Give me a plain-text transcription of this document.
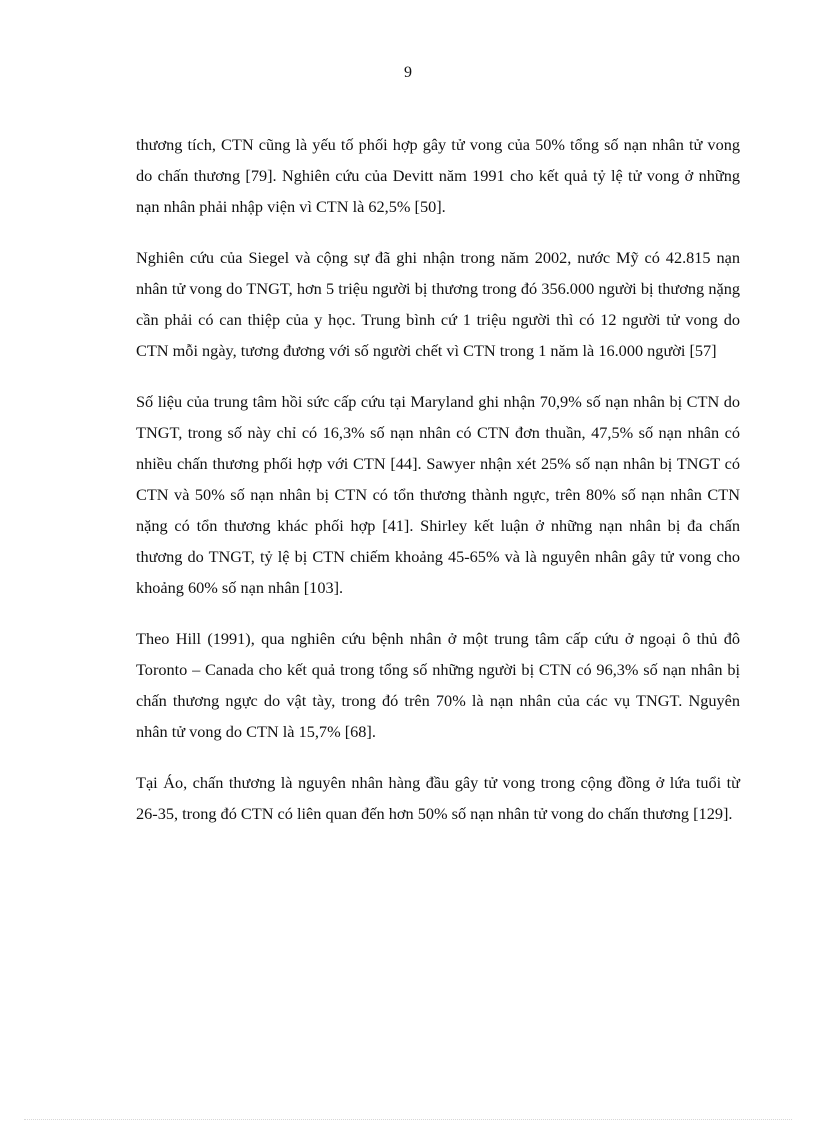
9

thương tích, CTN cũng là yếu tố phối hợp gây tử vong của 50% tổng số nạn nhân tử vong do chấn thương [79]. Nghiên cứu của Devitt năm 1991 cho kết quả tỷ lệ tử vong ở những nạn nhân phải nhập viện vì CTN là 62,5% [50].

Nghiên cứu của Siegel và cộng sự đã ghi nhận trong năm 2002, nước Mỹ có 42.815 nạn nhân tử vong do TNGT, hơn 5 triệu người bị thương trong đó 356.000 người bị thương nặng cần phải có can thiệp của y học. Trung bình cứ 1 triệu người thì có 12 người tử vong do CTN mỗi ngày, tương đương với số người chết vì CTN trong 1 năm là 16.000 người [57]

Số liệu của trung tâm hồi sức cấp cứu tại Maryland ghi nhận 70,9% số nạn nhân bị CTN do TNGT, trong số này chỉ có 16,3% số nạn nhân có CTN đơn thuần, 47,5% số nạn nhân có nhiều chấn thương phối hợp với CTN [44]. Sawyer nhận xét 25% số nạn nhân bị TNGT có CTN và 50% số nạn nhân bị CTN có tổn thương thành ngực, trên 80% số nạn nhân CTN nặng có tổn thương khác phối hợp [41]. Shirley kết luận ở những nạn nhân bị đa chấn thương do TNGT, tỷ lệ bị CTN chiếm khoảng 45-65% và là nguyên nhân gây tử vong cho khoảng 60% số nạn nhân [103].

Theo Hill (1991), qua nghiên cứu bệnh nhân ở một trung tâm cấp cứu ở ngoại ô thủ đô Toronto – Canada cho kết quả trong tổng số những người bị CTN có 96,3% số nạn nhân bị chấn thương ngực do vật tày, trong đó trên 70% là nạn nhân của các vụ TNGT. Nguyên nhân tử vong do CTN là 15,7% [68].

Tại Áo, chấn thương là nguyên nhân hàng đầu gây tử vong trong cộng đồng ở lứa tuổi từ 26-35, trong đó CTN có liên quan đến hơn 50% số nạn nhân tử vong do chấn thương [129].
